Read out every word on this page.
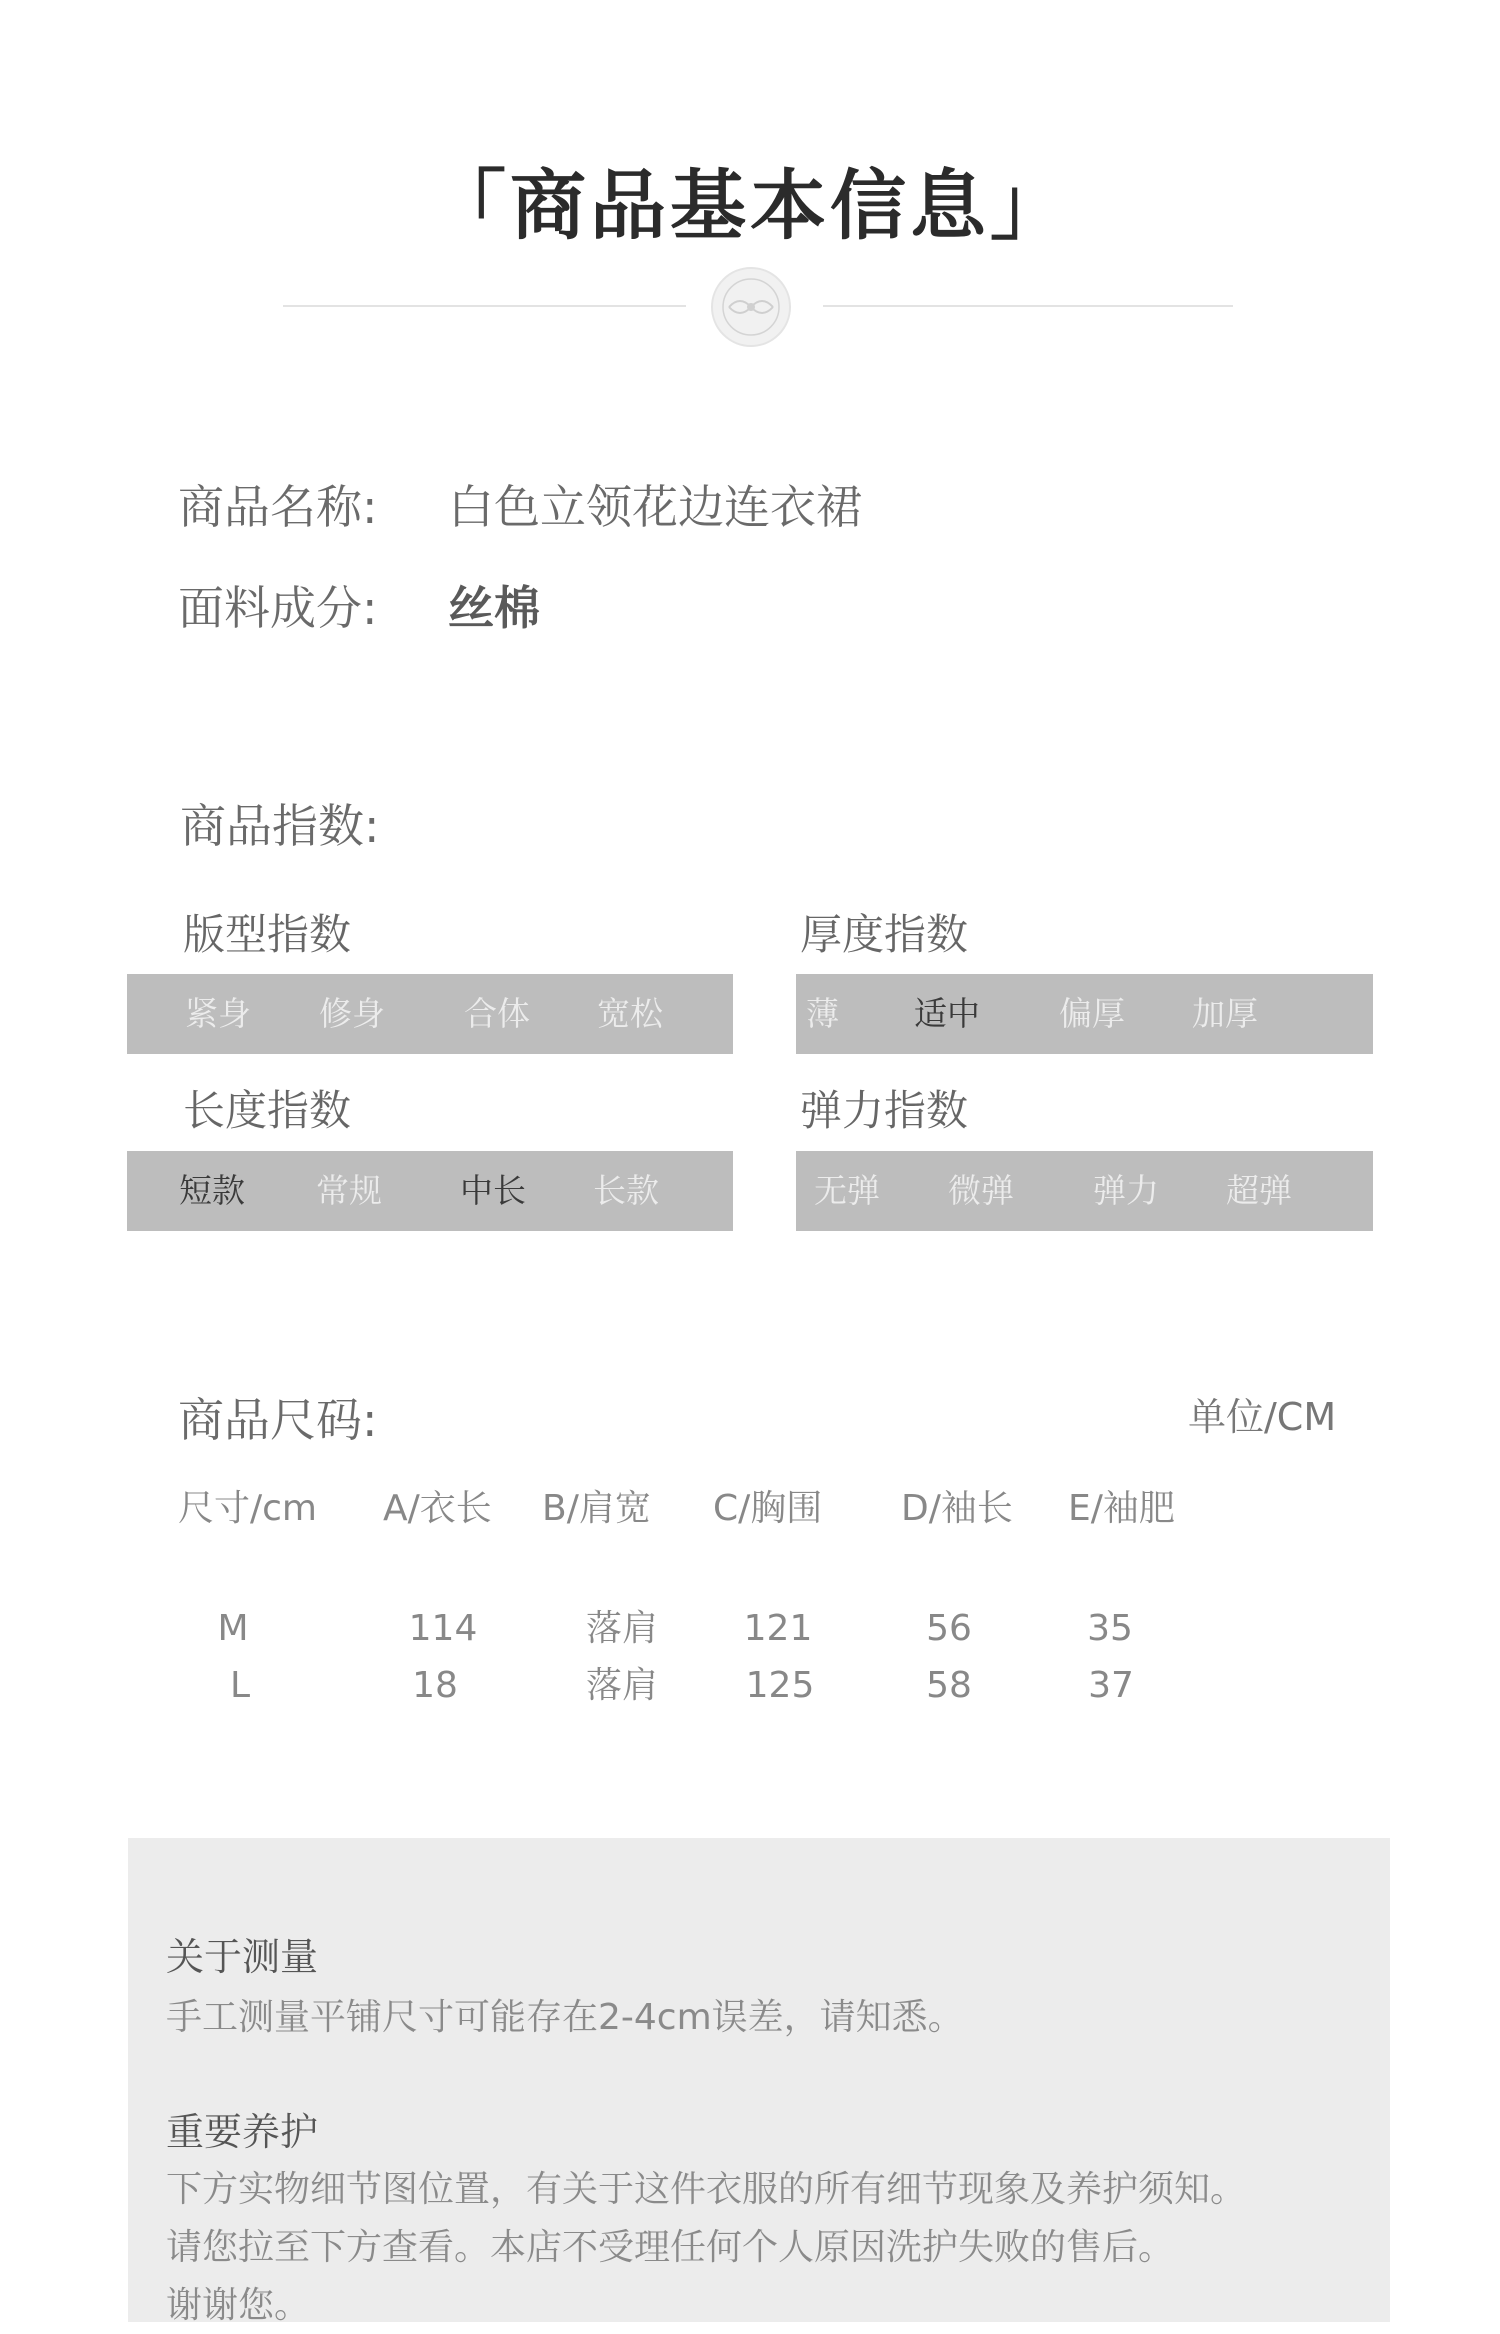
「商品基本信息」
商品名称: 白色立领花边连衣裙
面料成分: 丝棉
商品指数:
版型指数
紧身 修身 合体 宽松
厚度指数
薄 适中 偏厚 加厚
长度指数
短款 常规 中长 长款
弹力指数
无弹 微弹 弹力 超弹
商品尺码:	单位/CM
尺寸/cm A/衣长 B/肩宽 C/胸围 D/袖长 E/袖肥
M	114	落肩	121	56	35
L	18	落肩	125	58	37
关于测量
手工测量平铺尺寸可能存在2-4cm误差，请知悉。
重要养护
下方实物细节图位置，有关于这件衣服的所有细节现象及养护须知。
请您拉至下方查看。本店不受理任何个人原因洗护失败的售后。
谢谢您。
